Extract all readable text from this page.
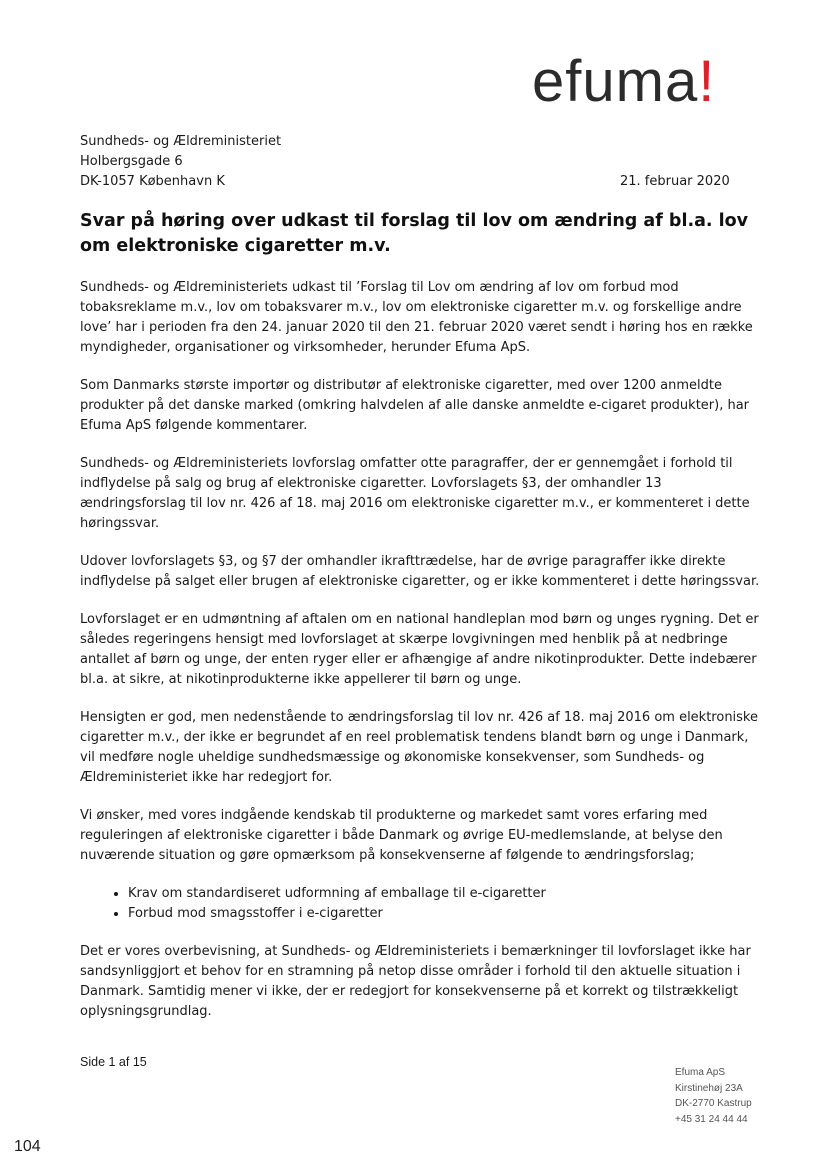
efuma!
Sundheds- og Ældreministeriet
Holbergsgade 6
DK-1057 København K	21. februar 2020
Svar på høring over udkast til forslag til lov om ændring af bl.a. lov om elektroniske cigaretter m.v.

Sundheds- og Ældreministeriets udkast til ’Forslag til Lov om ændring af lov om forbud mod tobaksreklame m.v., lov om tobaksvarer m.v., lov om elektroniske cigaretter m.v. og forskellige andre love’ har i perioden fra den 24. januar 2020 til den 21. februar 2020 været sendt i høring hos en række myndigheder, organisationer og virksomheder, herunder Efuma ApS.

Som Danmarks største importør og distributør af elektroniske cigaretter, med over 1200 anmeldte produkter på det danske marked (omkring halvdelen af alle danske anmeldte e-cigaret produkter), har Efuma ApS følgende kommentarer.

Sundheds- og Ældreministeriets lovforslag omfatter otte paragraffer, der er gennemgået i forhold til indflydelse på salg og brug af elektroniske cigaretter. Lovforslagets §3, der omhandler 13 ændringsforslag til lov nr. 426 af 18. maj 2016 om elektroniske cigaretter m.v., er kommenteret i dette høringssvar.

Udover lovforslagets §3, og §7 der omhandler ikrafttrædelse, har de øvrige paragraffer ikke direkte indflydelse på salget eller brugen af elektroniske cigaretter, og er ikke kommenteret i dette høringssvar.

Lovforslaget er en udmøntning af aftalen om en national handleplan mod børn og unges rygning. Det er således regeringens hensigt med lovforslaget at skærpe lovgivningen med henblik på at nedbringe antallet af børn og unge, der enten ryger eller er afhængige af andre nikotinprodukter. Dette indebærer bl.a. at sikre, at nikotinprodukterne ikke appellerer til børn og unge.

Hensigten er god, men nedenstående to ændringsforslag til lov nr. 426 af 18. maj 2016 om elektroniske cigaretter m.v., der ikke er begrundet af en reel problematisk tendens blandt børn og unge i Danmark, vil medføre nogle uheldige sundhedsmæssige og økonomiske konsekvenser, som Sundheds- og Ældreministeriet ikke har redegjort for.

Vi ønsker, med vores indgående kendskab til produkterne og markedet samt vores erfaring med reguleringen af elektroniske cigaretter i både Danmark og øvrige EU-medlemslande, at belyse den nuværende situation og gøre opmærksom på konsekvenserne af følgende to ændringsforslag;

• Krav om standardiseret udformning af emballage til e-cigaretter
• Forbud mod smagsstoffer i e-cigaretter

Det er vores overbevisning, at Sundheds- og Ældreministeriets i bemærkninger til lovforslaget ikke har sandsynliggjort et behov for en stramning på netop disse områder i forhold til den aktuelle situation i Danmark. Samtidig mener vi ikke, der er redegjort for konsekvenserne på et korrekt og tilstrækkeligt oplysningsgrundlag.

Side 1 af 15
Efuma ApS
Kirstinehøj 23A
DK-2770 Kastrup
+45 31 24 44 44
104
